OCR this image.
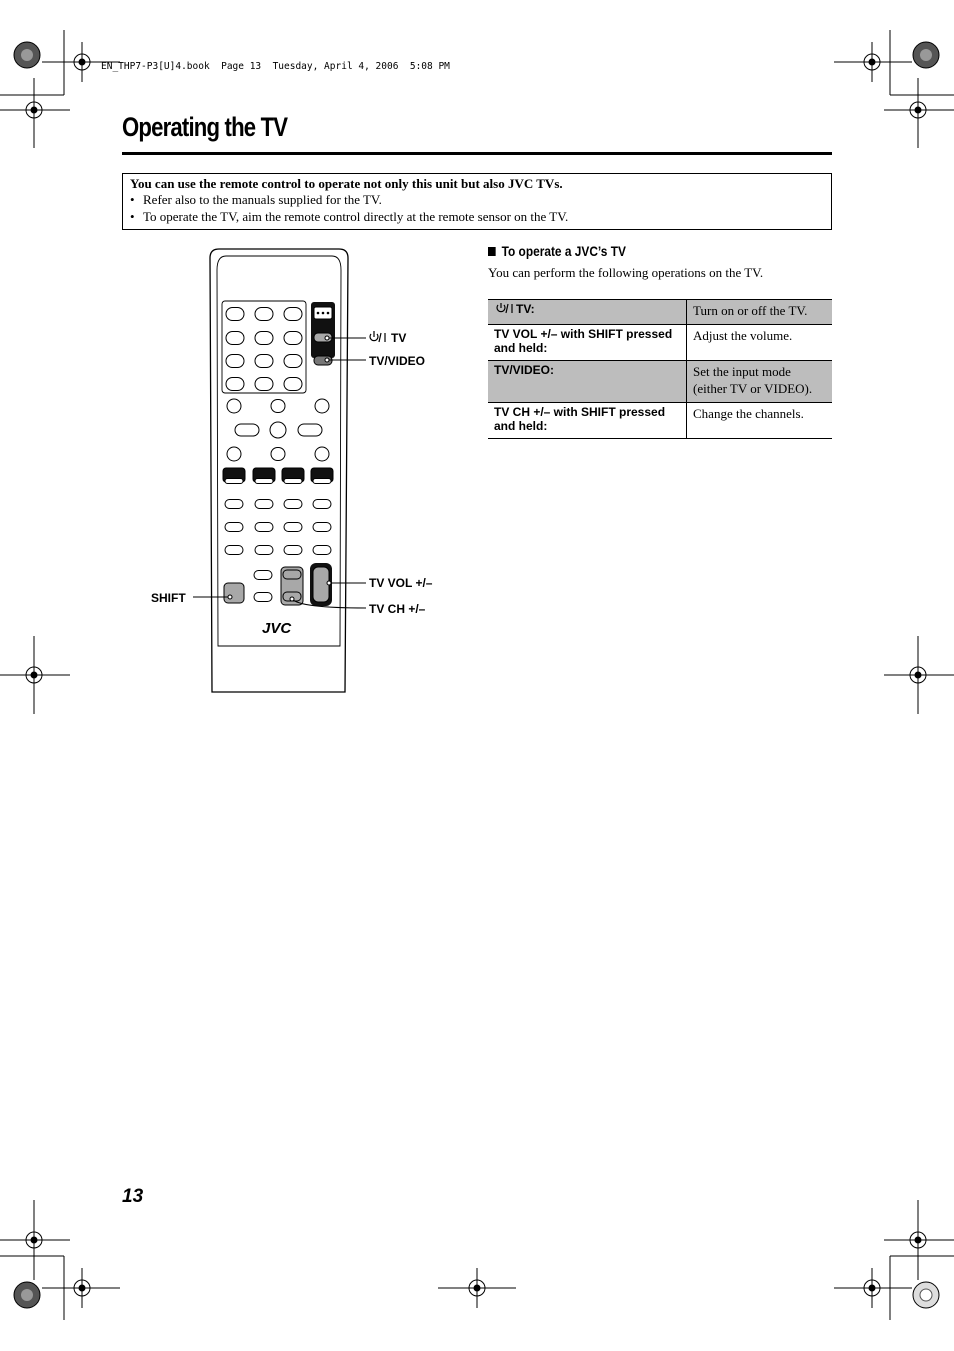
EN_THP7-P3[U]4.book  Page 13  Tuesday, April 4, 2006  5:08 PM
Operating the TV
You can use the remote control to operate not only this unit but also JVC TVs.
• Refer also to the manuals supplied for the TV.
• To operate the TV, aim the remote control directly at the remote sensor on the TV.
TV
TV/VIDEO
SHIFT
TV VOL +/–
TV CH +/–
JVC
To operate a JVC’s TV
You can perform the following operations on the TV.
TV:	Turn on or off the TV.
TV VOL +/– with SHIFT pressed and held:	Adjust the volume.
TV/VIDEO:	Set the input mode (either TV or VIDEO).
TV CH +/– with SHIFT pressed and held:	Change the channels.
13
